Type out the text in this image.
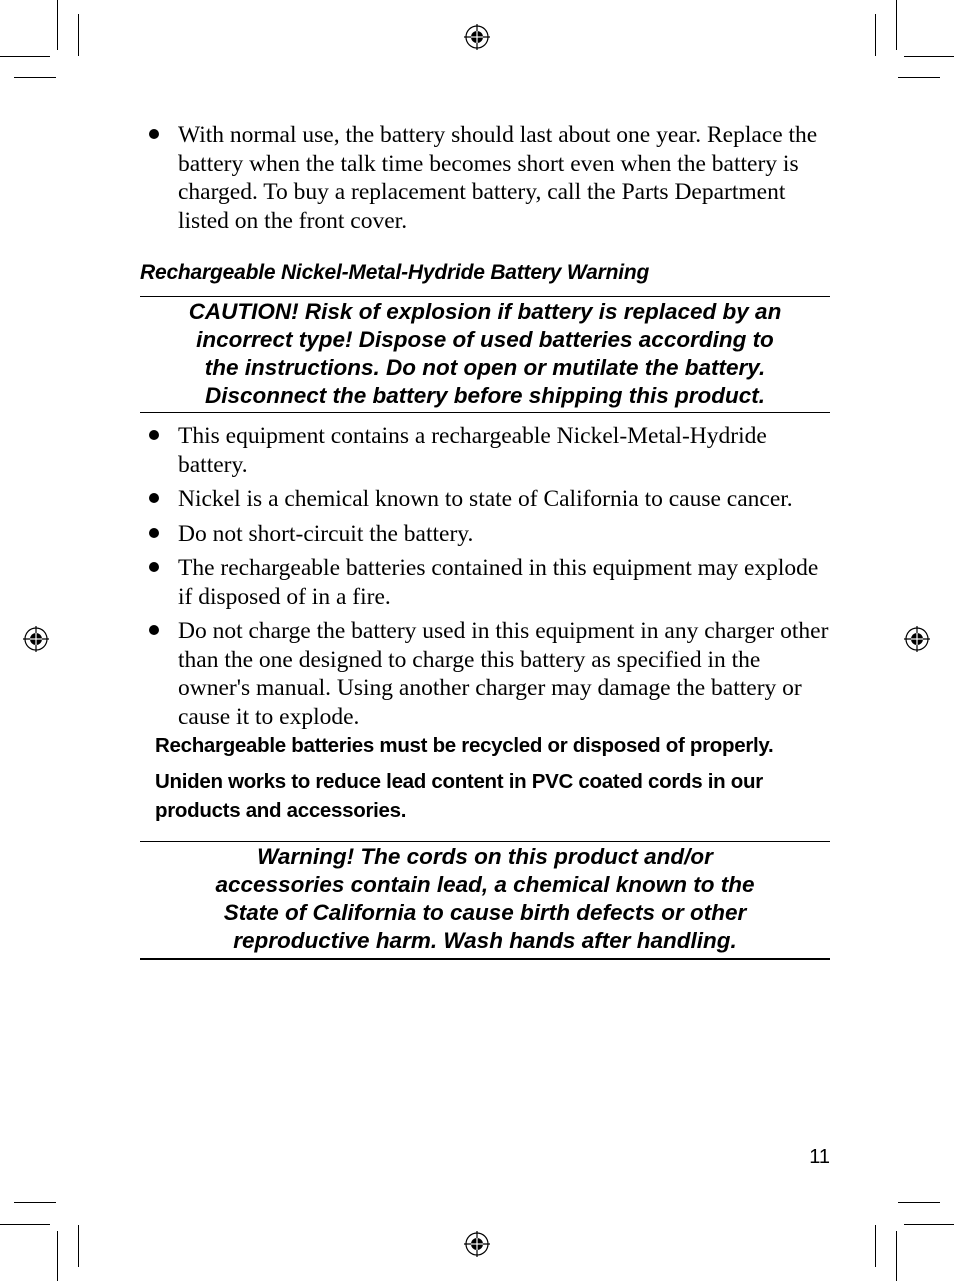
With normal use, the battery should last about one year. Replace the battery when the talk time becomes short even when the battery is charged. To buy a replacement battery, call the Parts Department listed on the front cover.
Rechargeable Nickel-Metal-Hydride Battery Warning
CAUTION! Risk of explosion if battery is replaced by an
incorrect type! Dispose of used batteries according to
the instructions. Do not open or mutilate the battery.
Disconnect the battery before shipping this product.
This equipment contains a rechargeable Nickel-Metal-Hydride battery.
Nickel is a chemical known to state of California to cause cancer.
Do not short-circuit the battery.
The rechargeable batteries contained in this equipment may explode if disposed of in a fire.
Do not charge the battery used in this equipment in any charger other than the one designed to charge this battery as specified in the owner's manual. Using another charger may damage the battery or cause it to explode.
Rechargeable batteries must be recycled or disposed of properly.
Uniden works to reduce lead content in PVC coated cords in our products and accessories.
Warning! The cords on this product and/or
accessories contain lead, a chemical known to the
State of California to cause birth defects or other
reproductive harm. Wash hands after handling.
11
